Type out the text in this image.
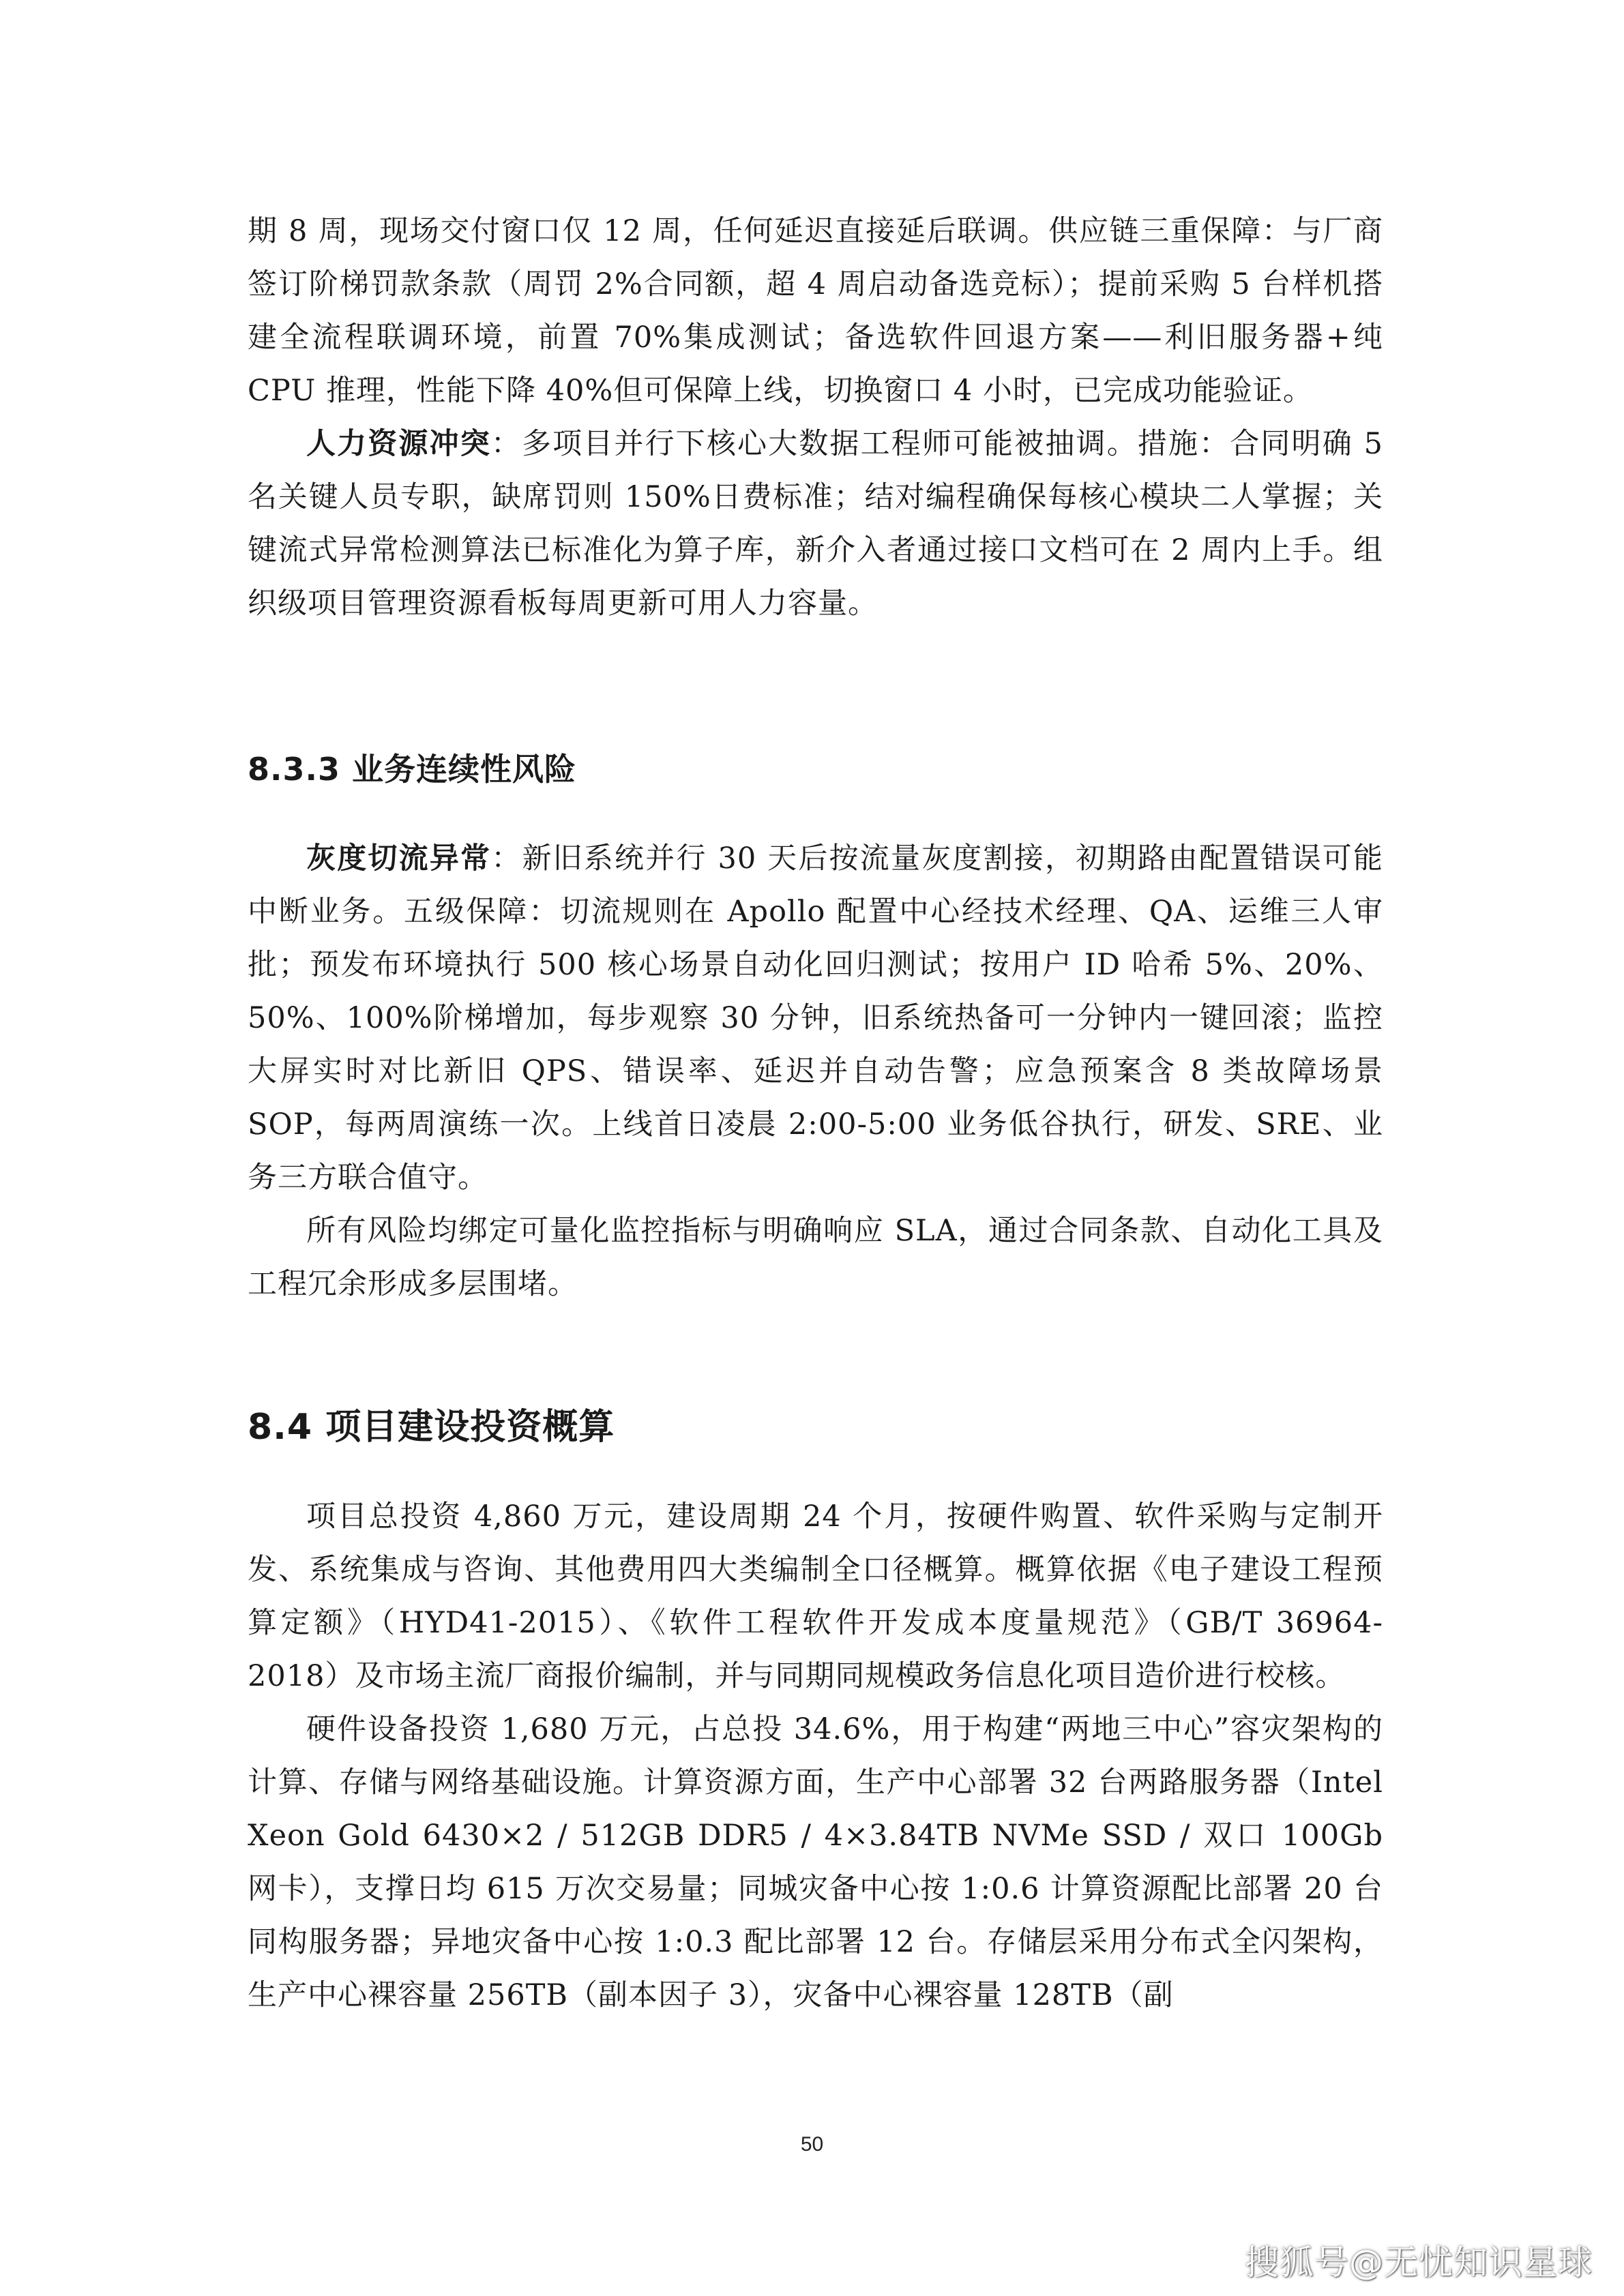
期 8 周，现场交付窗口仅 12 周，任何延迟直接延后联调。供应链三重保障：与厂商签订阶梯罚款条款（周罚 2%合同额，超 4 周启动备选竞标）；提前采购 5 台样机搭建全流程联调环境，前置 70%集成测试；备选软件回退方案——利旧服务器+纯 CPU 推理，性能下降 40%但可保障上线，切换窗口 4 小时，已完成功能验证。

人力资源冲突：多项目并行下核心大数据工程师可能被抽调。措施：合同明确 5 名关键人员专职，缺席罚则 150%日费标准；结对编程确保每核心模块二人掌握；关键流式异常检测算法已标准化为算子库，新介入者通过接口文档可在 2 周内上手。组织级项目管理资源看板每周更新可用人力容量。

8.3.3 业务连续性风险

灰度切流异常：新旧系统并行 30 天后按流量灰度割接，初期路由配置错误可能中断业务。五级保障：切流规则在 Apollo 配置中心经技术经理、QA、运维三人审批；预发布环境执行 500 核心场景自动化回归测试；按用户 ID 哈希 5%、20%、50%、100%阶梯增加，每步观察 30 分钟，旧系统热备可一分钟内一键回滚；监控大屏实时对比新旧 QPS、错误率、延迟并自动告警；应急预案含 8 类故障场景 SOP，每两周演练一次。上线首日凌晨 2:00-5:00 业务低谷执行，研发、SRE、业务三方联合值守。

所有风险均绑定可量化监控指标与明确响应 SLA，通过合同条款、自动化工具及工程冗余形成多层围堵。

8.4 项目建设投资概算

项目总投资 4,860 万元，建设周期 24 个月，按硬件购置、软件采购与定制开发、系统集成与咨询、其他费用四大类编制全口径概算。概算依据《电子建设工程预算定额》（HYD41-2015）、《软件工程软件开发成本度量规范》（GB/T 36964-2018）及市场主流厂商报价编制，并与同期同规模政务信息化项目造价进行校核。

硬件设备投资 1,680 万元，占总投 34.6%，用于构建“两地三中心”容灾架构的计算、存储与网络基础设施。计算资源方面，生产中心部署 32 台两路服务器（Intel Xeon Gold 6430×2 / 512GB DDR5 / 4×3.84TB NVMe SSD / 双口 100Gb 网卡），支撑日均 615 万次交易量；同城灾备中心按 1:0.6 计算资源配比部署 20 台同构服务器；异地灾备中心按 1:0.3 配比部署 12 台。存储层采用分布式全闪架构，生产中心裸容量 256TB（副本因子 3），灾备中心裸容量 128TB（副

50
搜狐号@无忧知识星球
